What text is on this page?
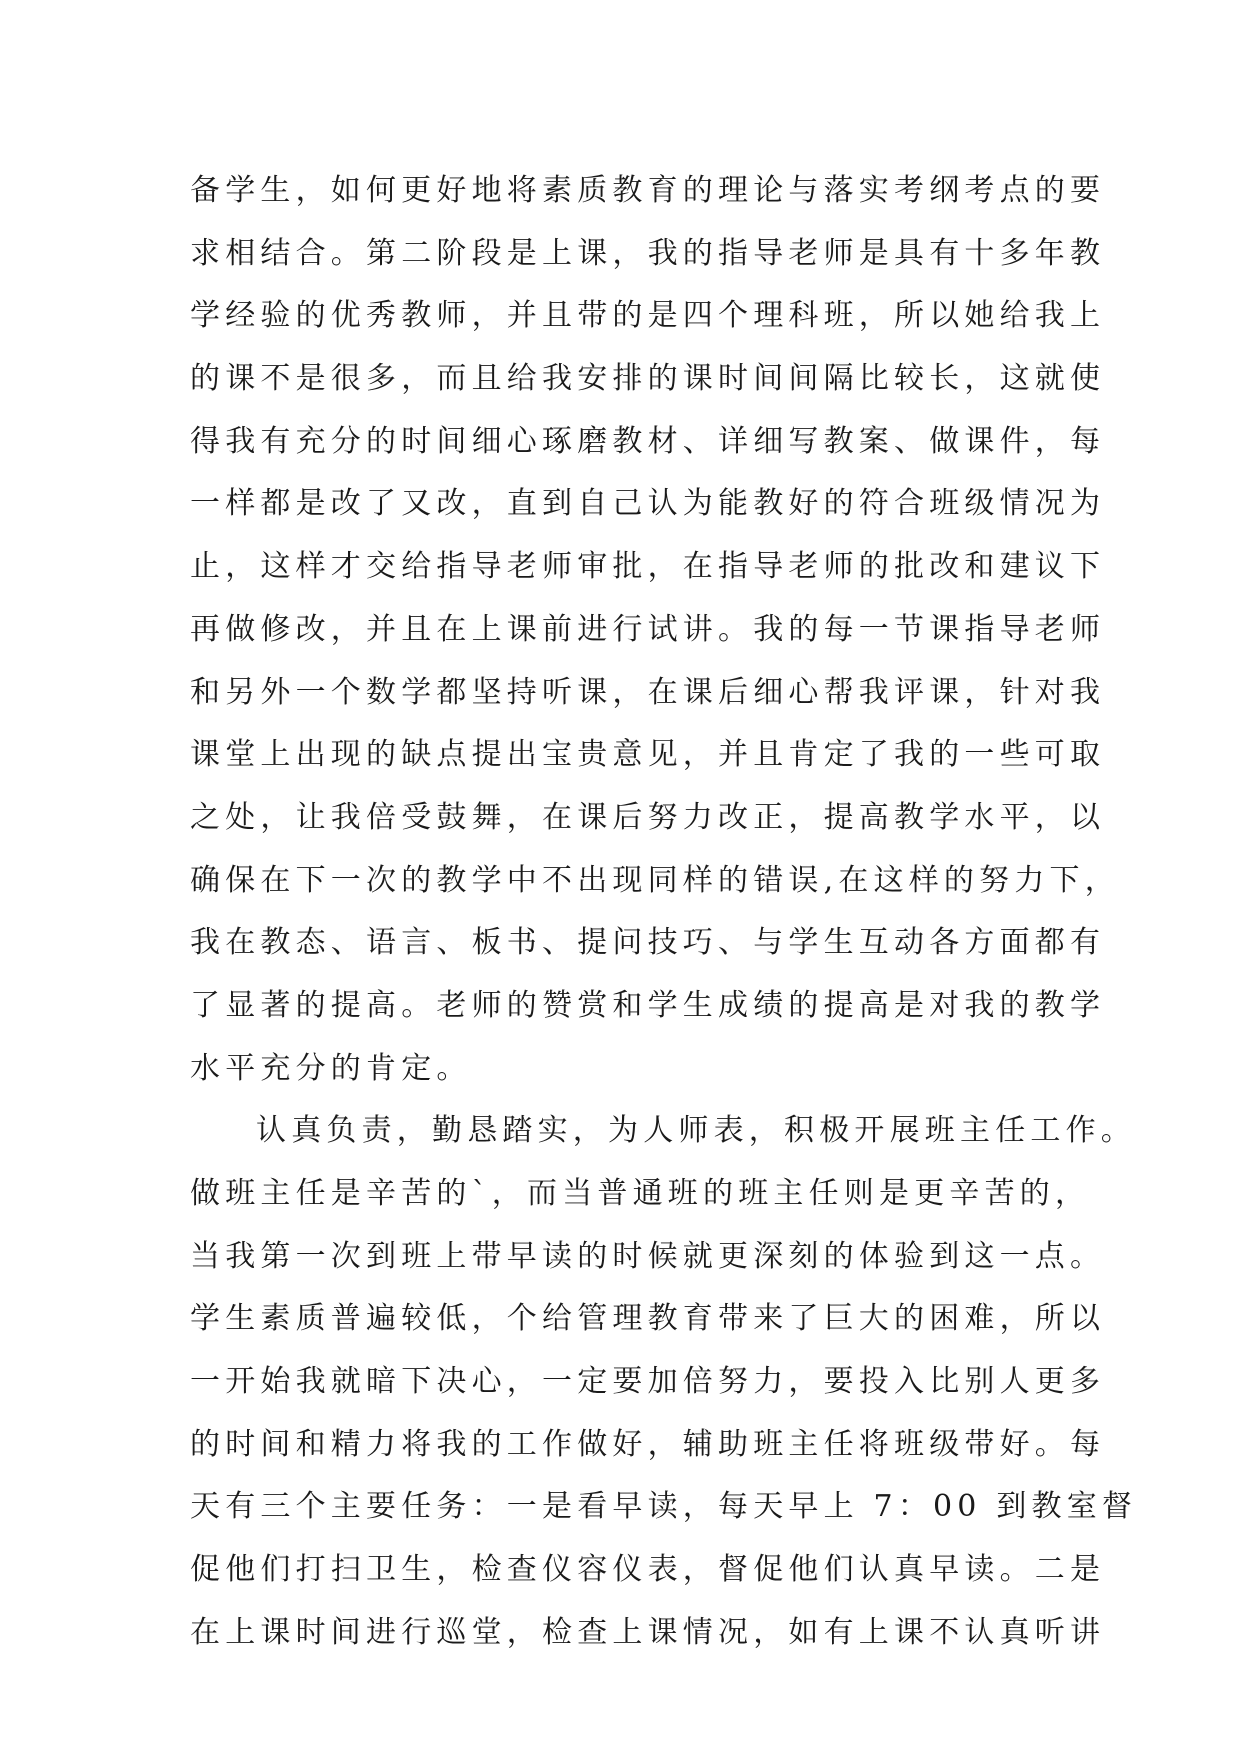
备学生，如何更好地将素质教育的理论与落实考纲考点的要
求相结合。第二阶段是上课，我的指导老师是具有十多年教
学经验的优秀教师，并且带的是四个理科班，所以她给我上
的课不是很多，而且给我安排的课时间间隔比较长，这就使
得我有充分的时间细心琢磨教材、详细写教案、做课件，每
一样都是改了又改，直到自己认为能教好的符合班级情况为
止，这样才交给指导老师审批，在指导老师的批改和建议下
再做修改，并且在上课前进行试讲。我的每一节课指导老师
和另外一个数学都坚持听课，在课后细心帮我评课，针对我
课堂上出现的缺点提出宝贵意见，并且肯定了我的一些可取
之处，让我倍受鼓舞，在课后努力改正，提高教学水平，以
确保在下一次的教学中不出现同样的错误,在这样的努力下，
我在教态、语言、板书、提问技巧、与学生互动各方面都有
了显著的提高。老师的赞赏和学生成绩的提高是对我的教学
水平充分的肯定。
认真负责，勤恳踏实，为人师表，积极开展班主任工作。
做班主任是辛苦的`，而当普通班的班主任则是更辛苦的，
当我第一次到班上带早读的时候就更深刻的体验到这一点。
学生素质普遍较低，个给管理教育带来了巨大的困难，所以
一开始我就暗下决心，一定要加倍努力，要投入比别人更多
的时间和精力将我的工作做好，辅助班主任将班级带好。每
天有三个主要任务：一是看早读，每天早上 7：00 到教室督
促他们打扫卫生，检查仪容仪表，督促他们认真早读。二是
在上课时间进行巡堂，检查上课情况，如有上课不认真听讲
